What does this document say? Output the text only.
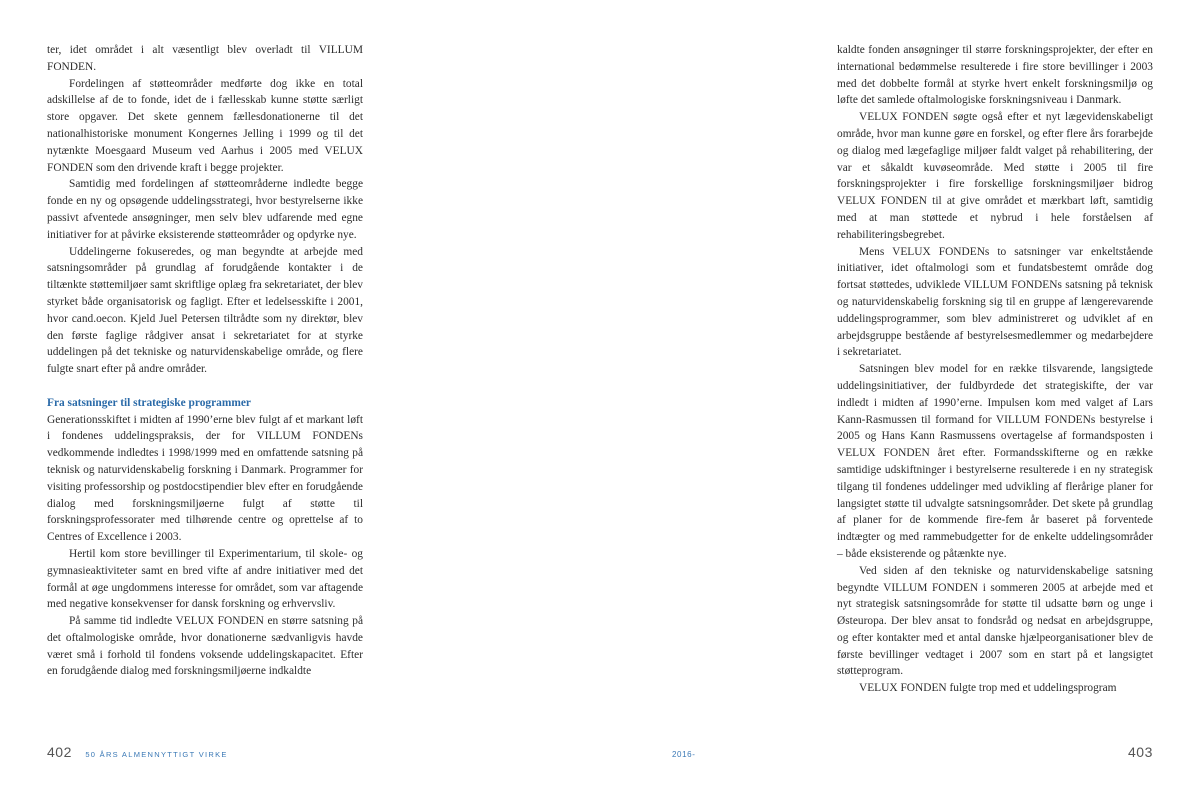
ter, idet området i alt væsentligt blev overladt til VILLUM FONDEN.

Fordelingen af støtteområder medførte dog ikke en total adskillelse af de to fonde, idet de i fællesskab kunne støtte særligt store opgaver. Det skete gennem fællesdonationerne til det nationalhistoriske monument Kongernes Jelling i 1999 og til det nytænkte Moesgaard Museum ved Aarhus i 2005 med VELUX FONDEN som den drivende kraft i begge projekter.

Samtidig med fordelingen af støtteområderne indledte begge fonde en ny og opsøgende uddelingsstrategi, hvor bestyrelserne ikke passivt afventede ansøgninger, men selv blev udfarende med egne initiativer for at påvirke eksisterende støtteområder og opdyrke nye.

Uddelingerne fokuseredes, og man begyndte at arbejde med satsningsområder på grundlag af forudgående kontakter i de tiltænkte støttemiljøer samt skriftlige oplæg fra sekretariatet, der blev styrket både organisatorisk og fagligt. Efter et ledelsesskifte i 2001, hvor cand.oecon. Kjeld Juel Petersen tiltrådte som ny direktør, blev den første faglige rådgiver ansat i sekretariatet for at styrke uddelingen på det tekniske og naturvidenskabelige område, og flere fulgte snart efter på andre områder.

Fra satsninger til strategiske programmer

Generationsskiftet i midten af 1990’erne blev fulgt af et markant løft i fondenes uddelingspraksis, der for VILLUM FONDENs vedkommende indledtes i 1998/1999 med en omfattende satsning på teknisk og naturvidenskabelig forskning i Danmark. Programmer for visiting professorship og postdocstipendier blev efter en forudgående dialog med forskningsmiljøerne fulgt af støtte til forskningsprofessorater med tilhørende centre og oprettelse af to Centres of Excellence i 2003.

Hertil kom store bevillinger til Experimentarium, til skole- og gymnasieaktiviteter samt en bred vifte af andre initiativer med det formål at øge ungdommens interesse for området, som var aftagende med negative konsekvenser for dansk forskning og erhvervsliv.

På samme tid indledte VELUX FONDEN en større satsning på det oftalmologiske område, hvor donationerne sædvanligvis havde været små i forhold til fondens voksende uddelingskapacitet. Efter en forudgående dialog med forskningsmiljøerne indkaldte

402 50 ÅRS ALMENNYTTIGT VIRKE

kaldte fonden ansøgninger til større forskningsprojekter, der efter en international bedømmelse resulterede i fire store bevillinger i 2003 med det dobbelte formål at styrke hvert enkelt forskningsmiljø og løfte det samlede oftalmologiske forskningsniveau i Danmark.

VELUX FONDEN søgte også efter et nyt lægevidenskabeligt område, hvor man kunne gøre en forskel, og efter flere års forarbejde og dialog med lægefaglige miljøer faldt valget på rehabilitering, der var et såkaldt kuvøseområde. Med støtte i 2005 til fire forskningsprojekter i fire forskellige forskningsmiljøer bidrog VELUX FONDEN til at give området et mærkbart løft, samtidig med at man støttede et nybrud i hele forståelsen af rehabiliteringsbegrebet.

Mens VELUX FONDENs to satsninger var enkeltstående initiativer, idet oftalmologi som et fundatsbestemt område dog fortsat støttedes, udviklede VILLUM FONDENs satsning på teknisk og naturvidenskabelig forskning sig til en gruppe af længerevarende uddelingsprogrammer, som blev administreret og udviklet af en arbejdsgruppe bestående af bestyrelsesmedlemmer og medarbejdere i sekretariatet.

Satsningen blev model for en række tilsvarende, langsigtede uddelingsinitiativer, der fuldbyrdede det strategiskifte, der var indledt i midten af 1990’erne. Impulsen kom med valget af Lars Kann-Rasmussen til formand for VILLUM FONDENs bestyrelse i 2005 og Hans Kann Rasmussens overtagelse af formandsposten i VELUX FONDEN året efter. Formandsskifterne og en række samtidige udskiftninger i bestyrelserne resulterede i en ny strategisk tilgang til fondenes uddelinger med udvikling af flerårige planer for langsigtet støtte til udvalgte satsningsområder. Det skete på grundlag af planer for de kommende fire-fem år baseret på forventede indtægter og med rammebudgetter for de enkelte uddelingsområder – både eksisterende og påtænkte nye.

Ved siden af den tekniske og naturvidenskabelige satsning begyndte VILLUM FONDEN i sommeren 2005 at arbejde med et nyt strategisk satsningsområde for støtte til udsatte børn og unge i Østeuropa. Der blev ansat to fondsråd og nedsat en arbejdsgruppe, og efter kontakter med et antal danske hjælpeorganisationer blev de første bevillinger vedtaget i 2007 som en start på et langsigtet støtteprogram.

VELUX FONDEN fulgte trop med et uddelingsprogram

2016-	403
